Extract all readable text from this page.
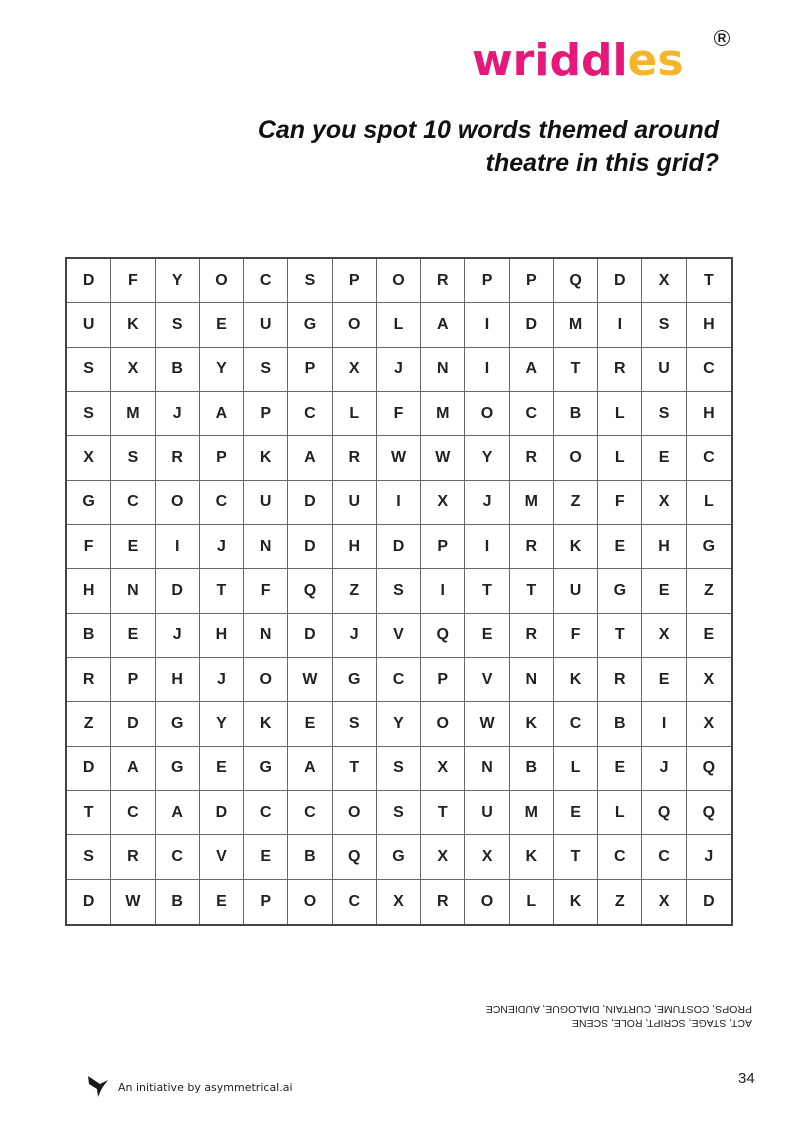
wriddles	R
Can you spot 10 words themed around
theatre in this grid?
D	F	Y	O	C	S	P	O	R	P	P	Q	D	X	T
U	K	S	E	U	G	O	L	A	I	D	M	I	S	H
S	X	B	Y	S	P	X	J	N	I	A	T	R	U	C
S	M	J	A	P	C	L	F	M	O	C	B	L	S	H
X	S	R	P	K	A	R	W	W	Y	R	O	L	E	C
G	C	O	C	U	D	U	I	X	J	M	Z	F	X	L
F	E	I	J	N	D	H	D	P	I	R	K	E	H	G
H	N	D	T	F	Q	Z	S	I	T	T	U	G	E	Z
B	E	J	H	N	D	J	V	Q	E	R	F	T	X	E
R	P	H	J	O	W	G	C	P	V	N	K	R	E	X
Z	D	G	Y	K	E	S	Y	O	W	K	C	B	I	X
D	A	G	E	G	A	T	S	X	N	B	L	E	J	Q
T	C	A	D	C	C	O	S	T	U	M	E	L	Q	Q
S	R	C	V	E	B	Q	G	X	X	K	T	C	C	J
D	W	B	E	P	O	C	X	R	O	L	K	Z	X	D
ACT, STAGE, SCRIPT, ROLE, SCENE
PROPS, COSTUME, CURTAIN, DIALOGUE, AUDIENCE
An initiative by asymmetrical.ai	34
